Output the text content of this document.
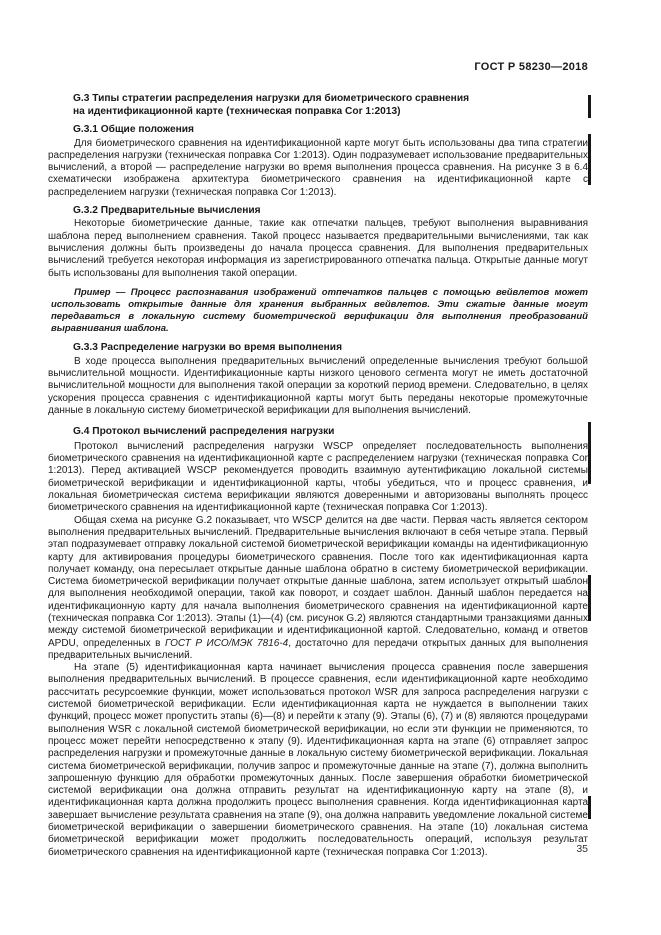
ГОСТ Р 58230—2018
G.3 Типы стратегии распределения нагрузки для биометрического сравнения
на идентификационной карте (техническая поправка Cor 1:2013)
G.3.1 Общие положения

Для биометрического сравнения на идентификационной карте могут быть использованы два типа стратегии распределения нагрузки (техническая поправка Cor 1:2013). Один подразумевает использование предварительных вычислений, а второй — распределение нагрузки во время выполнения процесса сравнения. На рисунке 3 в 6.4 схематически изображена архитектура биометрического сравнения на идентификационной карте с распределением нагрузки (техническая поправка Cor 1:2013).

G.3.2 Предварительные вычисления

Некоторые биометрические данные, такие как отпечатки пальцев, требуют выполнения выравнивания шаблона перед выполнением сравнения. Такой процесс называется предварительными вычислениями, так как вычисления должны быть произведены до начала процесса сравнения. Для выполнения предварительных вычислений требуется некоторая информация из зарегистрированного отпечатка пальца. Открытые данные могут быть использованы для выполнения такой операции.

Пример — Процесс распознавания изображений отпечатков пальцев с помощью вейвлетов может использовать открытые данные для хранения выбранных вейвлетов. Эти сжатые данные могут передаваться в локальную систему биометрической верификации для выполнения преобразований выравнивания шаблона.

G.3.3 Распределение нагрузки во время выполнения

В ходе процесса выполнения предварительных вычислений определенные вычисления требуют большой вычислительной мощности. Идентификационные карты низкого ценового сегмента могут не иметь достаточной вычислительной мощности для выполнения такой операции за короткий период времени. Следовательно, в целях ускорения процесса сравнения с идентификационной карты могут быть переданы некоторые промежуточные данные в локальную систему биометрической верификации для выполнения вычислений.

G.4 Протокол вычислений распределения нагрузки

Протокол вычислений распределения нагрузки WSCP определяет последовательность выполнения биометрического сравнения на идентификационной карте с распределением нагрузки (техническая поправка Cor 1:2013). Перед активацией WSCP рекомендуется проводить взаимную аутентификацию локальной системы биометрической верификации и идентификационной карты, чтобы убедиться, что и процесс сравнения, и локальная биометрическая система верификации являются доверенными и авторизованы выполнять процесс биометрического сравнения на идентификационной карте (техническая поправка Cor 1:2013).

Общая схема на рисунке G.2 показывает, что WSCP делится на две части. Первая часть является сектором выполнения предварительных вычислений. Предварительные вычисления включают в себя четыре этапа. Первый этап подразумевает отправку локальной системой биометрической верификации команды на идентификационную карту для активирования процедуры биометрического сравнения. После того как идентификационная карта получает команду, она пересылает открытые данные шаблона обратно в систему биометрической верификации. Система биометрической верификации получает открытые данные шаблона, затем использует открытый шаблон для выполнения необходимой операции, такой как поворот, и создает шаблон. Данный шаблон передается на идентификационную карту для начала выполнения биометрического сравнения на идентификационной карте (техническая поправка Cor 1:2013). Этапы (1)—(4) (см. рисунок G.2) являются стандартными транзакциями данных между системой биометрической верификации и идентификационной картой. Следовательно, команд и ответов APDU, определенных в ГОСТ Р ИСО/МЭК 7816-4, достаточно для передачи открытых данных для выполнения предварительных вычислений.

На этапе (5) идентификационная карта начинает вычисления процесса сравнения после завершения выполнения предварительных вычислений. В процессе сравнения, если идентификационной карте необходимо рассчитать ресурсоемкие функции, может использоваться протокол WSR для запроса распределения нагрузки с системой биометрической верификации. Если идентификационная карта не нуждается в выполнении таких функций, процесс может пропустить этапы (6)—(8) и перейти к этапу (9). Этапы (6), (7) и (8) являются процедурами выполнения WSR с локальной системой биометрической верификации, но если эти функции не применяются, то процесс может перейти непосредственно к этапу (9). Идентификационная карта на этапе (6) отправляет запрос распределения нагрузки и промежуточные данные в локальную систему биометрической верификации. Локальная система биометрической верификации, получив запрос и промежуточные данные на этапе (7), должна выполнить запрошенную функцию для обработки промежуточных данных. После завершения обработки биометрической системой верификации она должна отправить результат на идентификационную карту на этапе (8), и идентификационная карта должна продолжить процесс выполнения сравнения. Когда идентификационная карта завершает вычисление результата сравнения на этапе (9), она должна направить уведомление локальной системе биометрической верификации о завершении биометрического сравнения. На этапе (10) локальная система биометрической верификации может продолжить последовательность операций, используя результат биометрического сравнения на идентификационной карте (техническая поправка Cor 1:2013).	35
